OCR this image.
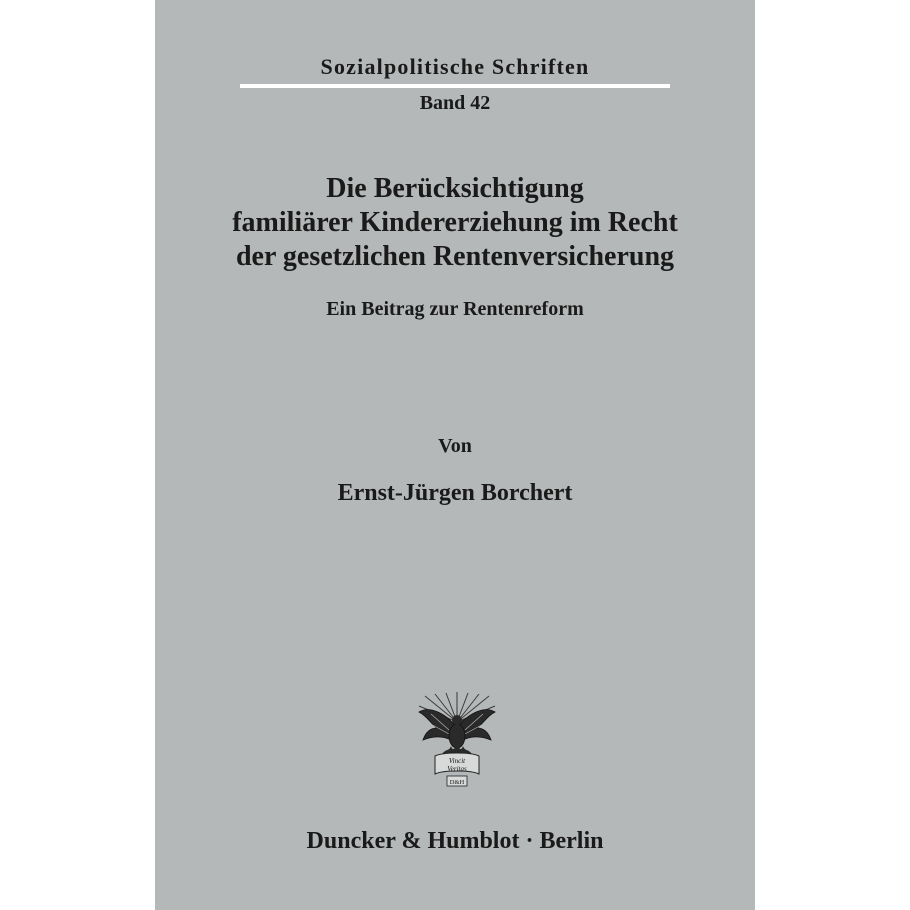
Sozialpolitische Schriften
Band 42
Die Berücksichtigung
familiärer Kindererziehung im Recht
der gesetzlichen Rentenversicherung
Ein Beitrag zur Rentenreform
Von
Ernst-Jürgen Borchert
Vincit
Veritas
D&H
Duncker & Humblot · Berlin
